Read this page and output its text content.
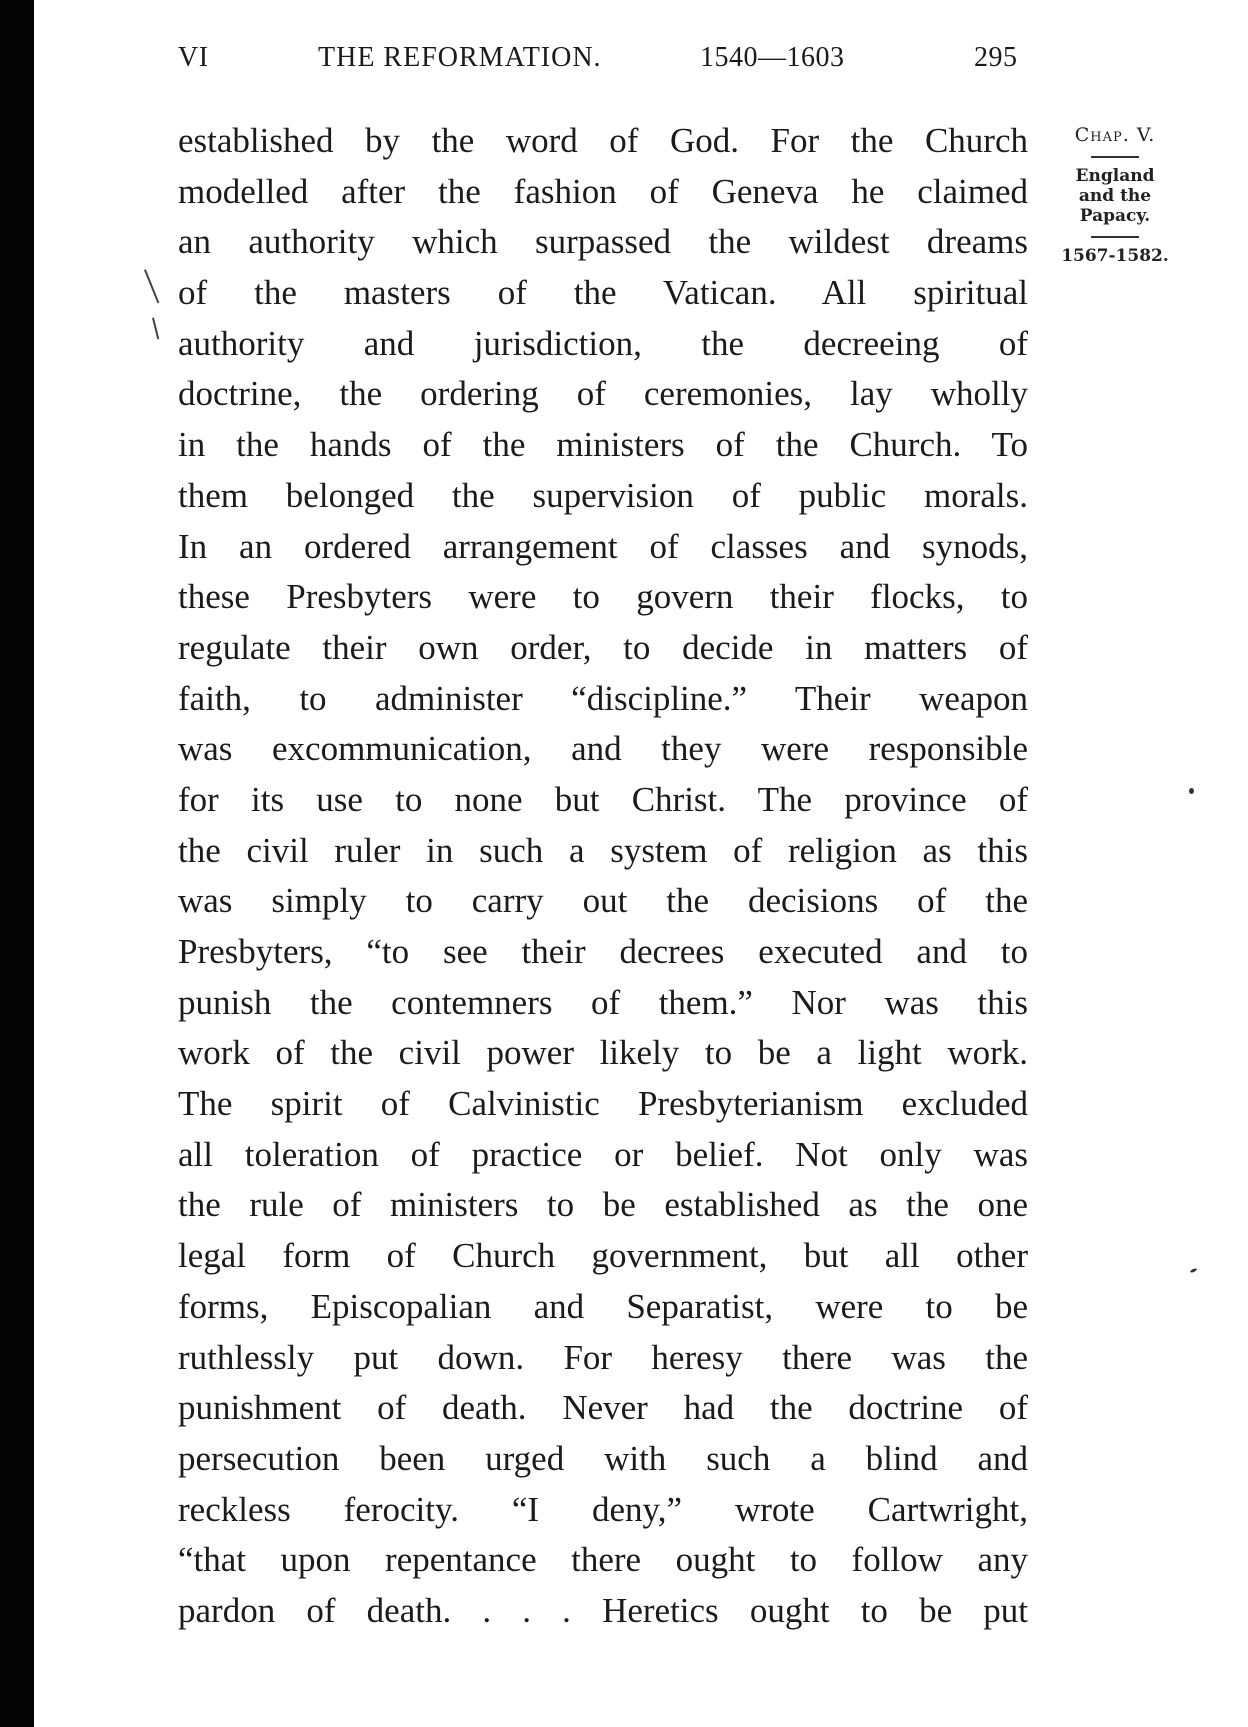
VI	THE REFORMATION.	1540—1603	295
established by the word of God. For the Church
modelled after the fashion of Geneva he claimed
an authority which surpassed the wildest dreams
of the masters of the Vatican. All spiritual
authority and jurisdiction, the decreeing of
doctrine, the ordering of ceremonies, lay wholly
in the hands of the ministers of the Church. To
them belonged the supervision of public morals.
In an ordered arrangement of classes and synods,
these Presbyters were to govern their flocks, to
regulate their own order, to decide in matters of
faith, to administer “discipline.” Their weapon
was excommunication, and they were responsible
for its use to none but Christ. The province of
the civil ruler in such a system of religion as this
was simply to carry out the decisions of the
Presbyters, “to see their decrees executed and to
punish the contemners of them.” Nor was this
work of the civil power likely to be a light work.
The spirit of Calvinistic Presbyterianism excluded
all toleration of practice or belief. Not only was
the rule of ministers to be established as the one
legal form of Church government, but all other
forms, Episcopalian and Separatist, were to be
ruthlessly put down. For heresy there was the
punishment of death. Never had the doctrine of
persecution been urged with such a blind and
reckless ferocity. “I deny,” wrote Cartwright,
“that upon repentance there ought to follow any
pardon of death. . . . Heretics ought to be put
Chap. V.
England
and the
Papacy.
1567-1582.
